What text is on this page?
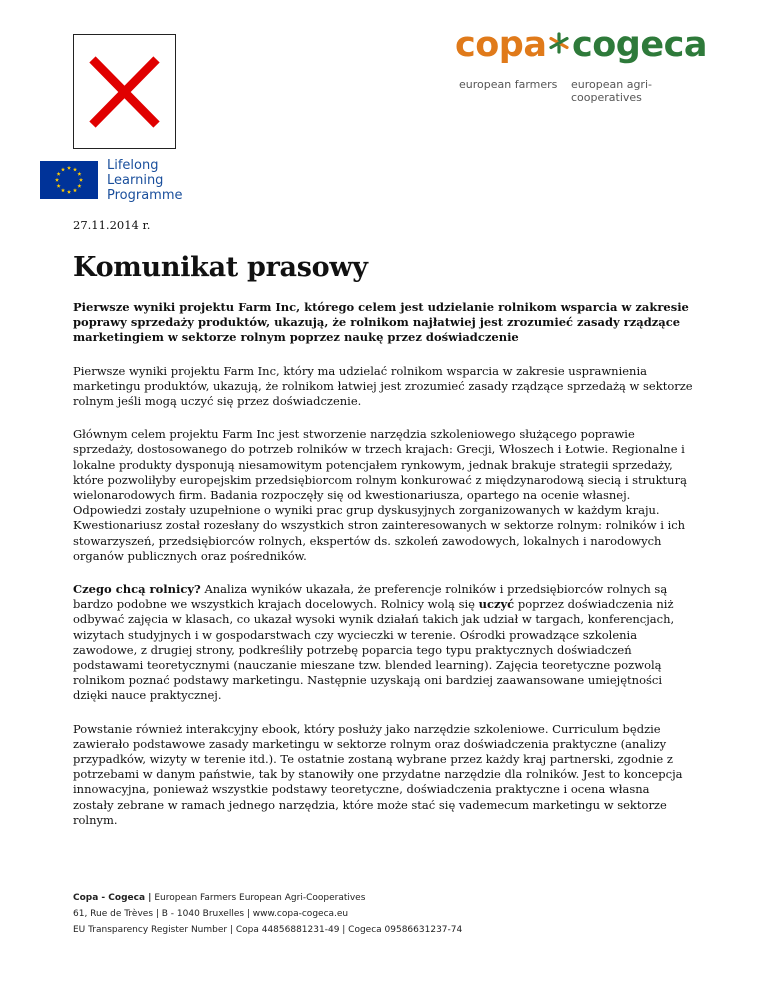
copa cogeca
european farmers european agri-cooperatives
Lifelong
Learning
Programme
27.11.2014 r.
Komunikat prasowy

Pierwsze wyniki projektu Farm Inc, którego celem jest udzielanie rolnikom wsparcia w zakresie poprawy sprzedaży produktów, ukazują, że rolnikom najłatwiej jest zrozumieć zasady rządzące marketingiem w sektorze rolnym poprzez naukę przez doświadczenie

Pierwsze wyniki projektu Farm Inc, który ma udzielać rolnikom wsparcia w zakresie usprawnienia marketingu produktów, ukazują, że rolnikom łatwiej jest zrozumieć zasady rządzące sprzedażą w sektorze rolnym jeśli mogą uczyć się przez doświadczenie.

Głównym celem projektu Farm Inc jest stworzenie narzędzia szkoleniowego służącego poprawie sprzedaży, dostosowanego do potrzeb rolników w trzech krajach: Grecji, Włoszech i Łotwie. Regionalne i lokalne produkty dysponują niesamowitym potencjałem rynkowym, jednak brakuje strategii sprzedaży, które pozwoliłyby europejskim przedsiębiorcom rolnym konkurować z międzynarodową siecią i strukturą wielonarodowych firm. Badania rozpoczęły się od kwestionariusza, opartego na ocenie własnej. Odpowiedzi zostały uzupełnione o wyniki prac grup dyskusyjnych zorganizowanych w każdym kraju. Kwestionariusz został rozesłany do wszystkich stron zainteresowanych w sektorze rolnym: rolników i ich stowarzyszeń, przedsiębiorców rolnych, ekspertów ds. szkoleń zawodowych, lokalnych i narodowych organów publicznych oraz pośredników.

Czego chcą rolnicy? Analiza wyników ukazała, że preferencje rolników i przedsiębiorców rolnych są bardzo podobne we wszystkich krajach docelowych. Rolnicy wolą się uczyć poprzez doświadczenia niż odbywać zajęcia w klasach, co ukazał wysoki wynik działań takich jak udział w targach, konferencjach, wizytach studyjnych i w gospodarstwach czy wycieczki w terenie. Ośrodki prowadzące szkolenia zawodowe, z drugiej strony, podkreśliły potrzebę poparcia tego typu praktycznych doświadczeń podstawami teoretycznymi (nauczanie mieszane tzw. blended learning). Zajęcia teoretyczne pozwolą rolnikom poznać podstawy marketingu. Następnie uzyskają oni bardziej zaawansowane umiejętności dzięki nauce praktycznej.

Powstanie również interakcyjny ebook, który posłuży jako narzędzie szkoleniowe. Curriculum będzie zawierało podstawowe zasady marketingu w sektorze rolnym oraz doświadczenia praktyczne (analizy przypadków, wizyty w terenie itd.). Te ostatnie zostaną wybrane przez każdy kraj partnerski, zgodnie z potrzebami w danym państwie, tak by stanowiły one przydatne narzędzie dla rolników. Jest to koncepcja innowacyjna, ponieważ wszystkie podstawy teoretyczne, doświadczenia praktyczne i ocena własna zostały zebrane w ramach jednego narzędzia, które może stać się vademecum marketingu w sektorze rolnym.

Copa - Cogeca | European Farmers European Agri-Cooperatives
61, Rue de Trèves | B - 1040 Bruxelles | www.copa-cogeca.eu
EU Transparency Register Number | Copa 44856881231-49 | Cogeca 09586631237-74
